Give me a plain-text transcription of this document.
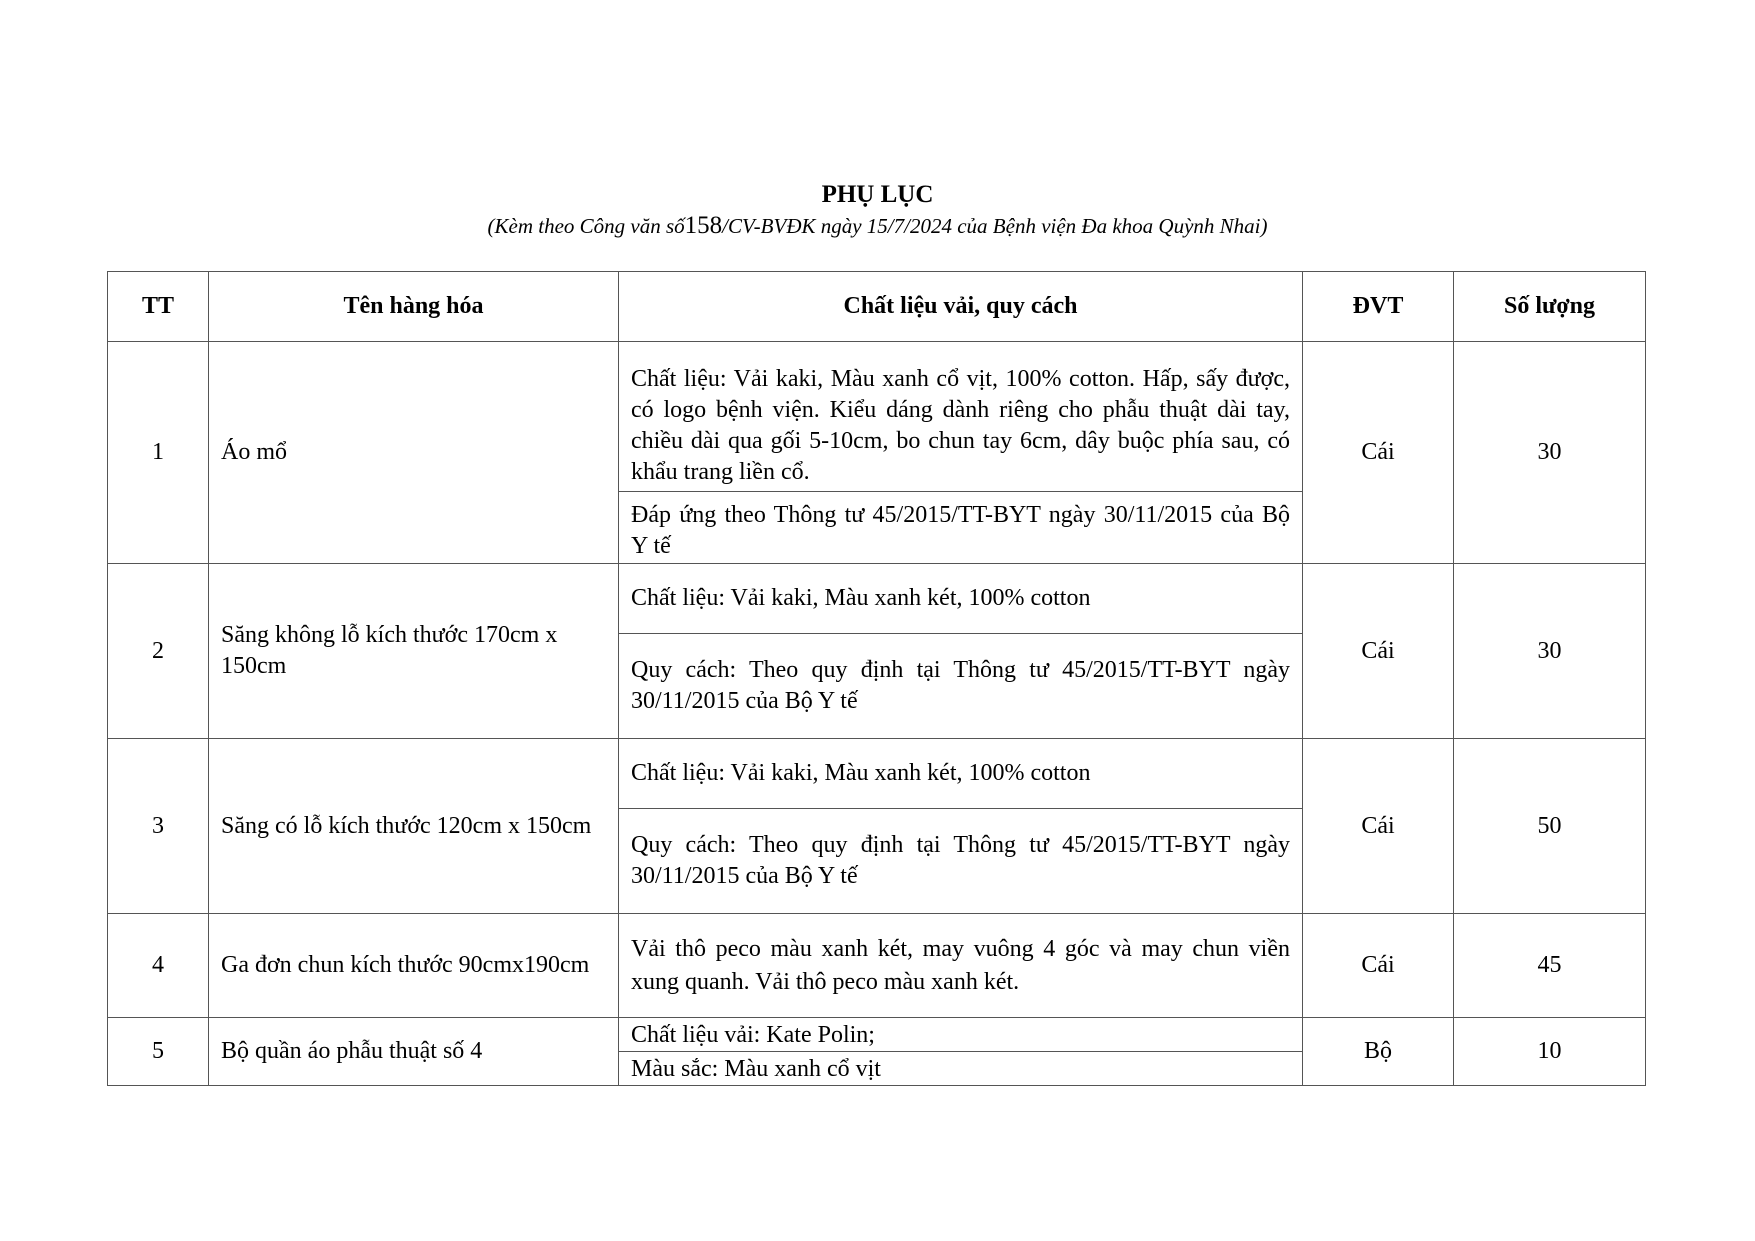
PHỤ LỤC
(Kèm theo Công văn số158/CV-BVĐK ngày 15/7/2024 của Bệnh viện Đa khoa Quỳnh Nhai)
TT	Tên hàng hóa	Chất liệu vải, quy cách	ĐVT	Số lượng
1	Áo mổ	Chất liệu: Vải kaki, Màu xanh cổ vịt, 100% cotton. Hấp, sấy được, có logo bệnh viện. Kiểu dáng dành riêng cho phẫu thuật dài tay, chiều dài qua gối 5-10cm, bo chun tay 6cm, dây buộc phía sau, có khẩu trang liền cổ.	Cái	30
		Đáp ứng theo Thông tư 45/2015/TT-BYT ngày 30/11/2015 của Bộ Y tế		
2	Săng không lỗ kích thước 170cm x 150cm	Chất liệu: Vải kaki, Màu xanh két, 100% cotton	Cái	30
		Quy cách: Theo quy định tại Thông tư 45/2015/TT-BYT ngày 30/11/2015 của Bộ Y tế		
3	Săng có lỗ kích thước 120cm x 150cm	Chất liệu: Vải kaki, Màu xanh két, 100% cotton	Cái	50
		Quy cách: Theo quy định tại Thông tư 45/2015/TT-BYT ngày 30/11/2015 của Bộ Y tế		
4	Ga đơn chun kích thước 90cmx190cm	Vải thô peco màu xanh két, may vuông 4 góc và may chun viền xung quanh. Vải thô peco màu xanh két.	Cái	45
5	Bộ quần áo phẫu thuật số 4	Chất liệu vải: Kate Polin;	Bộ	10
		Màu sắc: Màu xanh cổ vịt		
